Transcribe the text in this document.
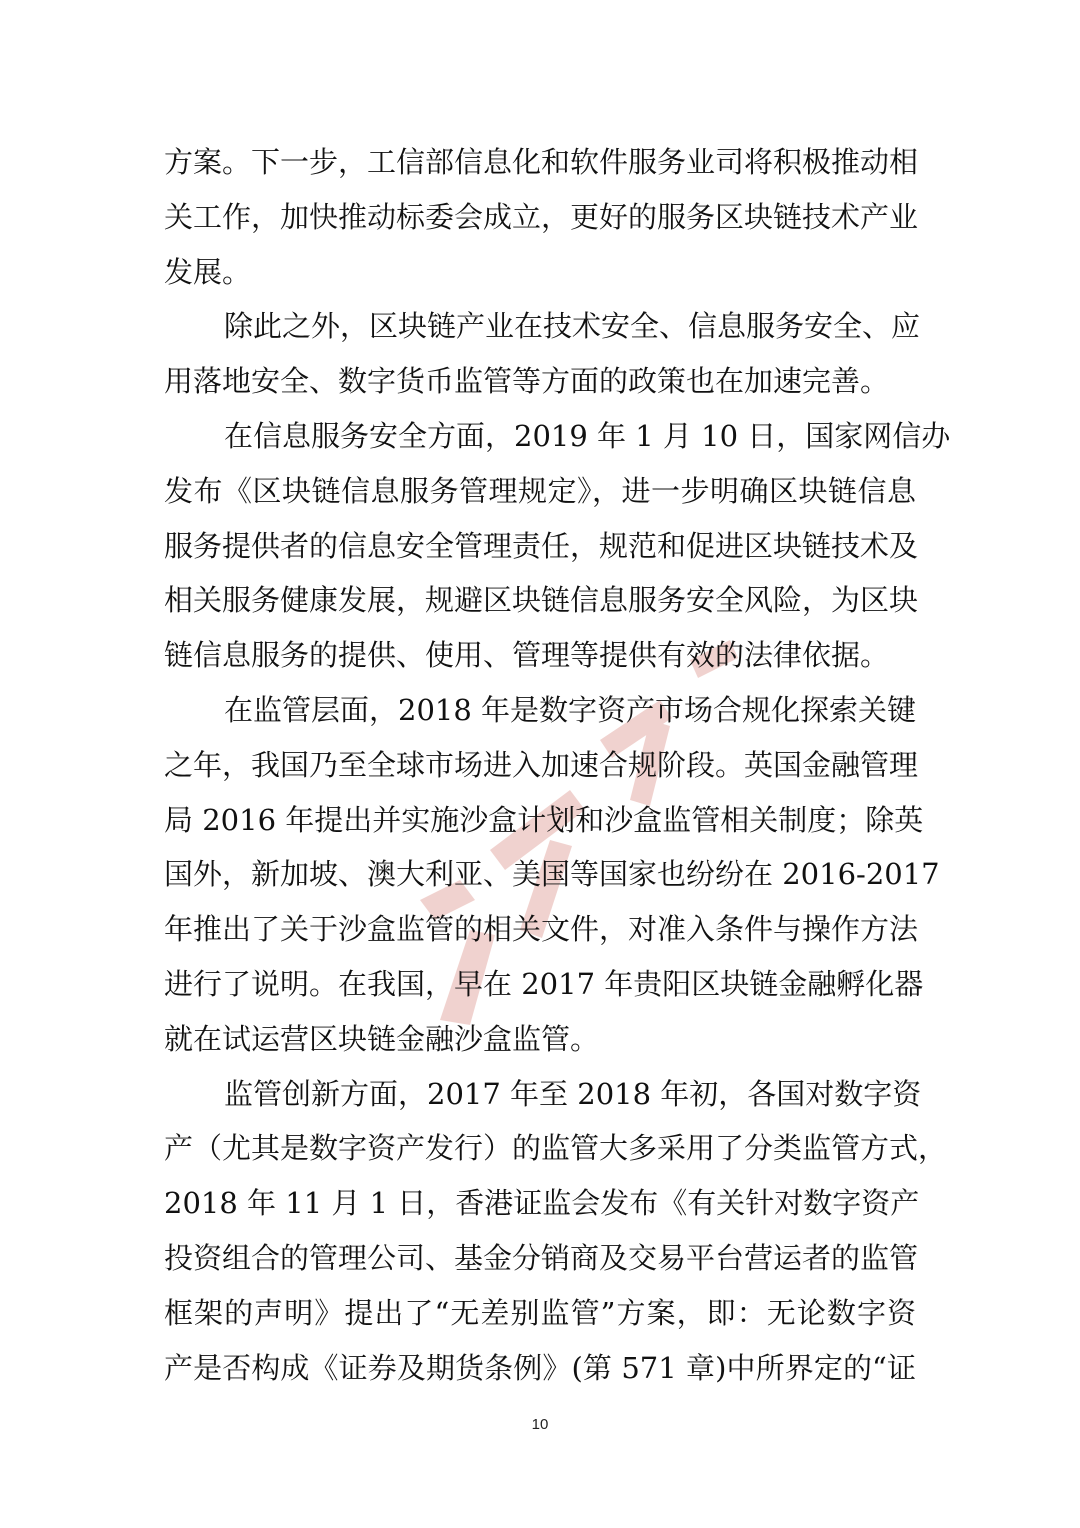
方案。下一步，工信部信息化和软件服务业司将积极推动相
关工作，加快推动标委会成立，更好的服务区块链技术产业
发展。
除此之外，区块链产业在技术安全、信息服务安全、应
用落地安全、数字货币监管等方面的政策也在加速完善。
在信息服务安全方面，2019 年 1 月 10 日，国家网信办
发布《区块链信息服务管理规定》，进一步明确区块链信息
服务提供者的信息安全管理责任，规范和促进区块链技术及
相关服务健康发展，规避区块链信息服务安全风险，为区块
链信息服务的提供、使用、管理等提供有效的法律依据。
在监管层面，2018 年是数字资产市场合规化探索关键
之年，我国乃至全球市场进入加速合规阶段。英国金融管理
局 2016 年提出并实施沙盒计划和沙盒监管相关制度；除英
国外，新加坡、澳大利亚、美国等国家也纷纷在 2016-2017
年推出了关于沙盒监管的相关文件，对准入条件与操作方法
进行了说明。在我国，早在 2017 年贵阳区块链金融孵化器
就在试运营区块链金融沙盒监管。
监管创新方面，2017 年至 2018 年初，各国对数字资
产（尤其是数字资产发行）的监管大多采用了分类监管方式，
2018 年 11 月 1 日，香港证监会发布《有关针对数字资产
投资组合的管理公司、基金分销商及交易平台营运者的监管
框架的声明》提出了“无差别监管”方案，即：无论数字资
产是否构成《证券及期货条例》(第 571 章)中所界定的“证
10
